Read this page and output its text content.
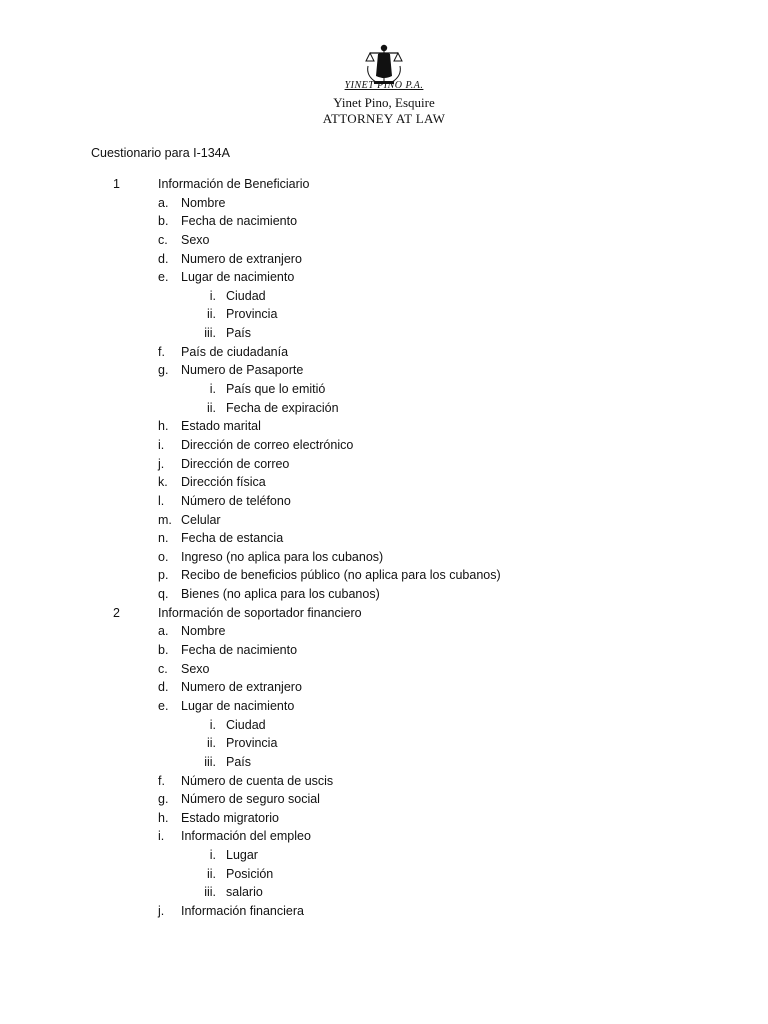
YINET PINO P.A.
Yinet Pino, Esquire
ATTORNEY AT LAW
Cuestionario para I-134A
1	Información de Beneficiario
a. Nombre
b. Fecha de nacimiento
c. Sexo
d. Numero de extranjero
e. Lugar de nacimiento
i. Ciudad
ii. Provincia
iii. País
f. País de ciudadanía
g. Numero de Pasaporte
i. País que lo emitió
ii. Fecha de expiración
h. Estado marital
i. Dirección de correo electrónico
j. Dirección de correo
k. Dirección física
l. Número de teléfono
m. Celular
n. Fecha de estancia
o. Ingreso (no aplica para los cubanos)
p. Recibo de beneficios público (no aplica para los cubanos)
q. Bienes (no aplica para los cubanos)
2	Información de soportador financiero
a. Nombre
b. Fecha de nacimiento
c. Sexo
d. Numero de extranjero
e. Lugar de nacimiento
i. Ciudad
ii. Provincia
iii. País
f. Número de cuenta de uscis
g. Número de seguro social
h. Estado migratorio
i. Información del empleo
i. Lugar
ii. Posición
iii. salario
j. Información financiera
